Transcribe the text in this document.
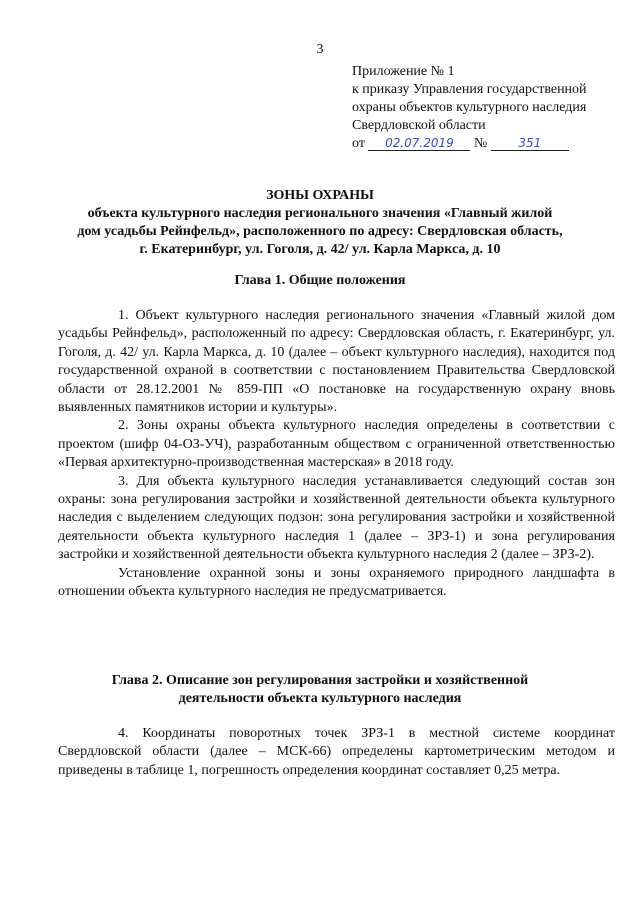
3
Приложение № 1
к приказу Управления государственной
охраны объектов культурного наследия
Свердловской области
от 02.07.2019 №	351
ЗОНЫ ОХРАНЫ
объекта культурного наследия регионального значения «Главный жилой
дом усадьбы Рейнфельд», расположенного по адресу: Свердловская область,
г. Екатеринбург, ул. Гоголя, д. 42/ ул. Карла Маркса, д. 10
Глава 1. Общие положения

1. Объект культурного наследия регионального значения «Главный жилой дом усадьбы Рейнфельд», расположенный по адресу: Свердловская область, г. Екатеринбург, ул. Гоголя, д. 42/ ул. Карла Маркса, д. 10 (далее – объект культурного наследия), находится под государственной охраной в соответствии с постановлением Правительства Свердловской области от 28.12.2001 № 859-ПП «О постановке на государственную охрану вновь выявленных памятников истории и культуры».

2. Зоны охраны объекта культурного наследия определены в соответствии с проектом (шифр 04-ОЗ-УЧ), разработанным обществом с ограниченной ответственностью «Первая архитектурно-производственная мастерская» в 2018 году.

3. Для объекта культурного наследия устанавливается следующий состав зон охраны: зона регулирования застройки и хозяйственной деятельности объекта культурного наследия с выделением следующих подзон: зона регулирования застройки и хозяйственной деятельности объекта культурного наследия 1 (далее – ЗРЗ-1) и зона регулирования застройки и хозяйственной деятельности объекта культурного наследия 2 (далее – ЗРЗ-2).

Установление охранной зоны и зоны охраняемого природного ландшафта в отношении объекта культурного наследия не предусматривается.

Глава 2. Описание зон регулирования застройки и хозяйственной
деятельности объекта культурного наследия

4. Координаты поворотных точек ЗРЗ-1 в местной системе координат Свердловской области (далее – МСК-66) определены картометрическим методом и приведены в таблице 1, погрешность определения координат составляет 0,25 метра.
